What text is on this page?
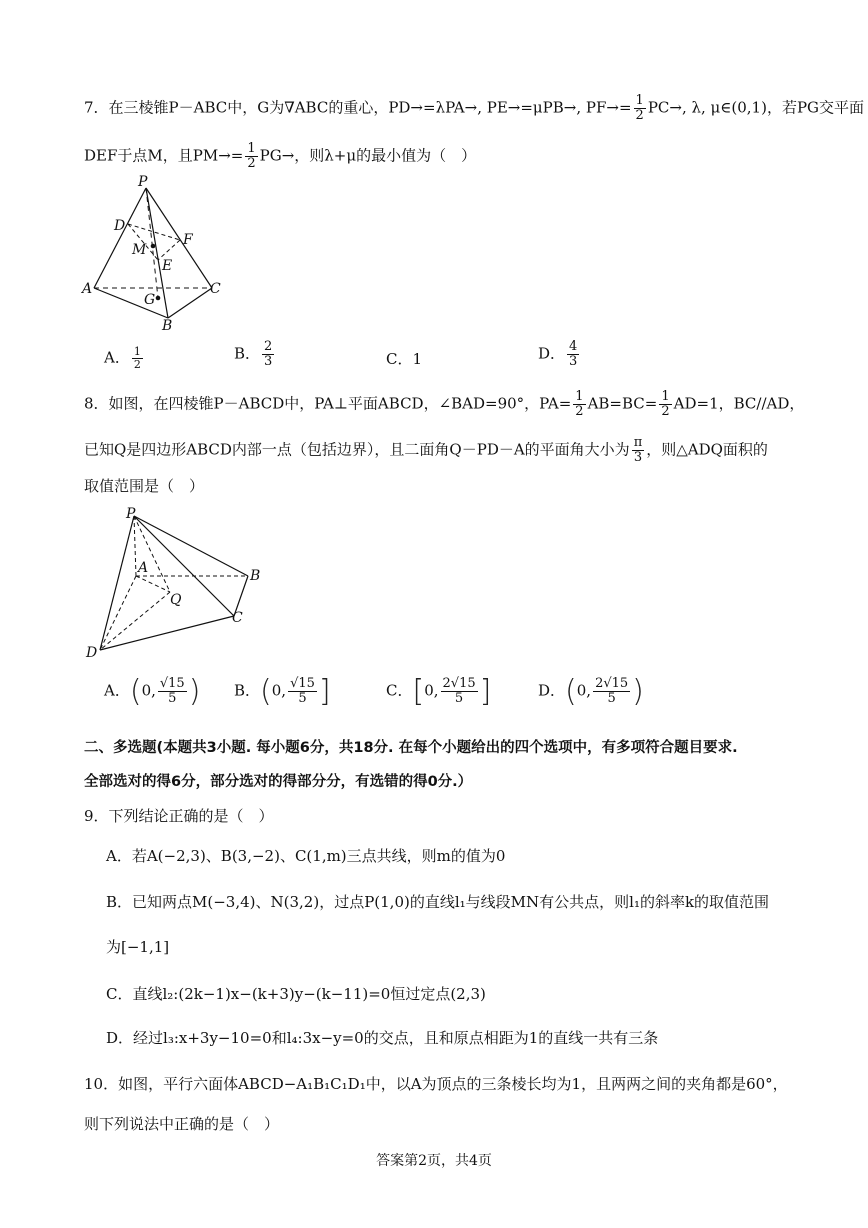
7．在三棱锥P－ABC中，G为∇ABC的重心，PD→=λPA→, PE→=μPB→, $PF\to= \frac{1}{2} PC\to$, λ, μ∈(0,1)，若PG交平面
DEF于点M，且$PM\to= \frac{1}{2} PG\to$，则λ+μ的最小值为（　）
P
D
F
M
E
A
G
C
B
A． $\frac{1}{2}$	B． $\frac{2}{3}$	C．1	D． $\frac{4}{3}$
8．如图，在四棱锥P－ABCD中，PA⊥平面ABCD，∠BAD=90°，$PA= \frac{1}{2} AB=BC= \frac{1}{2} AD=1$，BC//AD，
已知Q是四边形ABCD内部一点（包括边界），且二面角Q－PD－A的平面角大小为 $\frac{\pi}{3}$ ，则△ADQ面积的
取值范围是（　）
P
A	B
Q
C
D
A．(0, $\frac{√15}{5}$ ) B．(0, $\frac{√15}{5}$ ]	C．[0, $\frac{2√15}{5}$ ]	D．(0, $\frac{2√15}{5}$ )
二、多选题(本题共3小题. 每小题6分，共18分. 在每个小题给出的四个选项中，有多项符合题目要求.
全部选对的得6分，部分选对的得部分分，有选错的得0分.）
9．下列结论正确的是（　）
A．若A(−2,3)、B(3,−2)、C(1,m)三点共线，则m的值为0
B．已知两点M(−3,4)、N(3,2)，过点P(1,0)的直线l₁与线段MN有公共点，则l₁的斜率k的取值范围
为[−1,1]
C．直线l₂:(2k−1)x−(k+3)y−(k−11)=0恒过定点(2,3)
D．经过l₃:x+3y−10=0和l₄:3x−y=0的交点，且和原点相距为1的直线一共有三条
10．如图，平行六面体ABCD−A₁B₁C₁D₁中，以A为顶点的三条棱长均为1，且两两之间的夹角都是60°，
则下列说法中正确的是（　）
答案第2页，共4页
